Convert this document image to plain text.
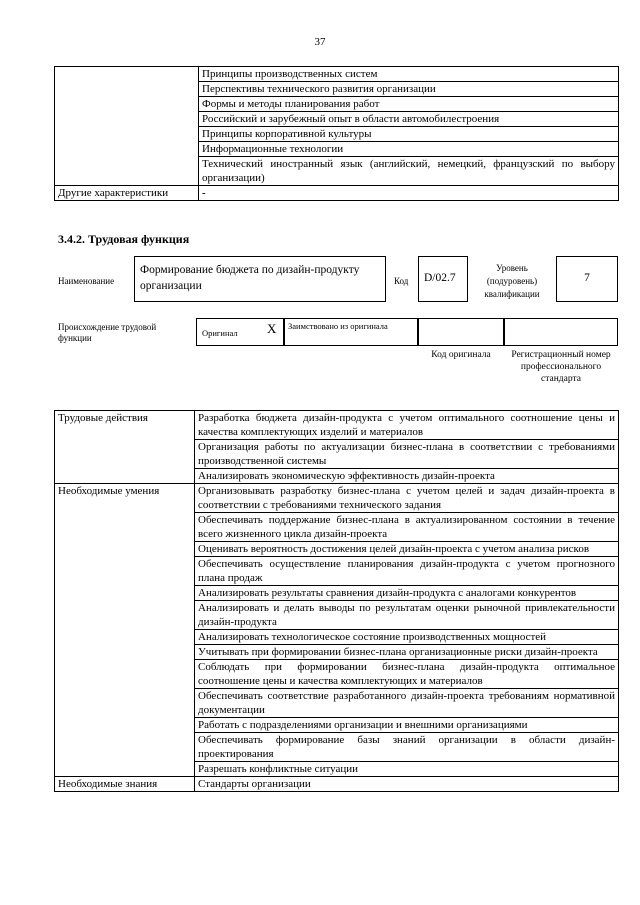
37
	Принципы производственных систем
	Перспективы технического развития организации
	Формы и методы планирования работ
	Российский и зарубежный опыт в области автомобилестроения
	Принципы корпоративной культуры
	Информационные технологии
	Технический иностранный язык (английский, немецкий, французский по выбору организации)
Другие характеристики	-
3.4.2. Трудовая функция
Наименование
Формирование бюджета по дизайн-продукту организации	Код D/02.7
Уровень (подуровень) квалификации
7
Происхождение трудовой функции	Оригинал X	Заимствовано из оригинала
Код оригинала	Регистрационный номер профессионального стандарта
Трудовые действия	Разработка бюджета дизайн-продукта с учетом оптимального соотношение цены и качества комплектующих изделий и материалов
	Организация работы по актуализации бизнес-плана в соответствии с требованиями производственной системы
	Анализировать экономическую эффективность дизайн-проекта
Необходимые умения	Организовывать разработку бизнес-плана с учетом целей и задач дизайн-проекта в соответствии с требованиями технического задания
	Обеспечивать поддержание бизнес-плана в актуализированном состоянии в течение всего жизненного цикла дизайн-проекта
	Оценивать вероятность достижения целей дизайн-проекта с учетом анализа рисков
	Обеспечивать осуществление планирования дизайн-продукта с учетом прогнозного плана продаж
	Анализировать результаты сравнения дизайн-продукта с аналогами конкурентов
	Анализировать и делать выводы по результатам оценки рыночной привлекательности дизайн-продукта
	Анализировать технологическое состояние производственных мощностей
	Учитывать при формировании бизнес-плана организационные риски дизайн-проекта
	Соблюдать при формировании бизнес-плана дизайн-продукта оптимальное соотношение цены и качества комплектующих и материалов
	Обеспечивать соответствие разработанного дизайн-проекта требованиям нормативной документации
	Работать с подразделениями организации и внешними организациями
	Обеспечивать формирование базы знаний организации в области дизайн-проектирования
	Разрешать конфликтные ситуации
Необходимые знания	Стандарты организации
